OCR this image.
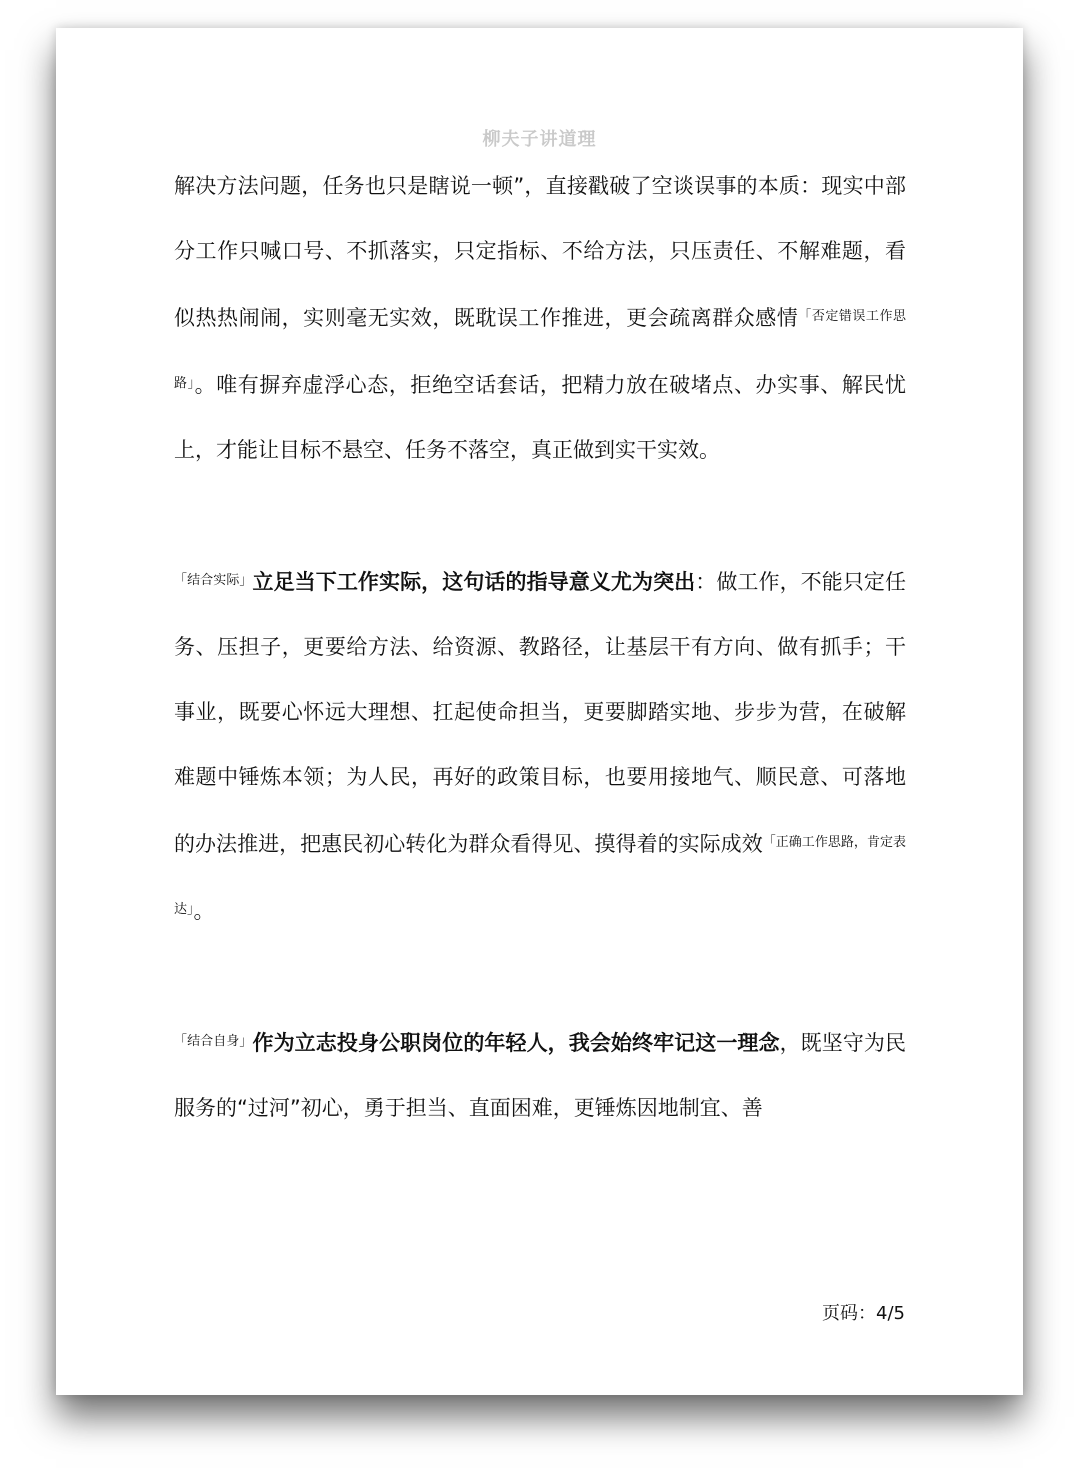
柳夫子讲道理

解决方法问题，任务也只是瞎说一顿”，直接戳破了空谈误事的本质：现实中部分工作只喊口号、不抓落实，只定指标、不给方法，只压责任、不解难题，看似热热闹闹，实则毫无实效，既耽误工作推进，更会疏离群众感情$^{「否定错误工作思路」}$。唯有摒弃虚浮心态，拒绝空话套话，把精力放在破堵点、办实事、解民忧上，才能让目标不悬空、任务不落空，真正做到实干实效。

$^{「结合实际」}$立足当下工作实际，这句话的指导意义尤为突出：做工作，不能只定任务、压担子，更要给方法、给资源、教路径，让基层干有方向、做有抓手；干事业，既要心怀远大理想、扛起使命担当，更要脚踏实地、步步为营，在破解难题中锤炼本领；为人民，再好的政策目标，也要用接地气、顺民意、可落地的办法推进，把惠民初心转化为群众看得见、摸得着的实际成效$^{「正确工作思路,肯定表达」}$。

$^{「结合自身」}$作为立志投身公职岗位的年轻人，我会始终牢记这一理念，既坚守为民服务的“过河”初心，勇于担当、直面困难，更锤炼因地制宜、善

页码：4/5
